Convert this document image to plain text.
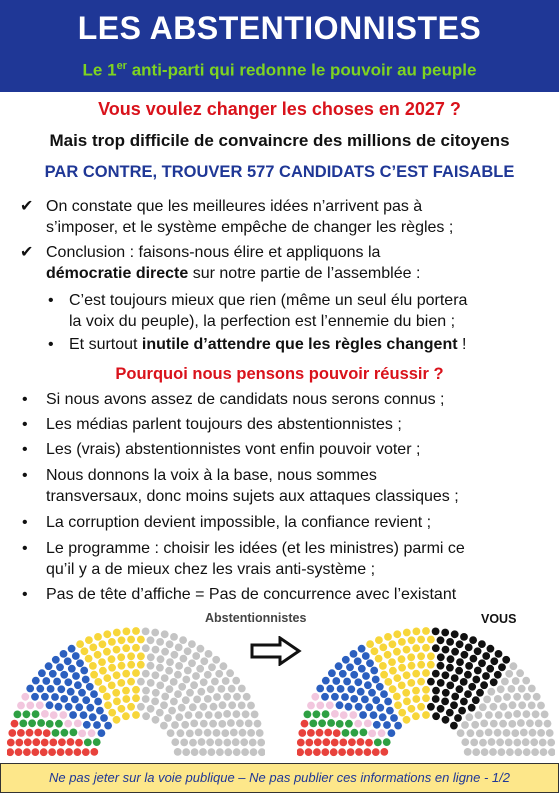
LES ABSTENTIONNISTES
Le 1er anti-parti qui redonne le pouvoir au peuple
Vous voulez changer les choses en 2027 ?
Mais trop difficile de convaincre des millions de citoyens
PAR CONTRE, TROUVER 577 CANDIDATS C’EST FAISABLE
✔ On constate que les meilleures idées n’arrivent pas à
s’imposer, et le système empêche de changer les règles ;
✔ Conclusion : faisons-nous élire et appliquons la
démocratie directe sur notre partie de l’assemblée :
• C’est toujours mieux que rien (même un seul élu portera
la voix du peuple), la perfection est l’ennemie du bien ;
• Et surtout inutile d’attendre que les règles changent !
Pourquoi nous pensons pouvoir réussir ?
• Si nous avons assez de candidats nous serons connus ;
• Les médias parlent toujours des abstentionnistes ;
• Les (vrais) abstentionnistes vont enfin pouvoir voter ;
• Nous donnons la voix à la base, nous sommes
transversaux, donc moins sujets aux attaques classiques ;
• La corruption devient impossible, la confiance revient ;
• Le programme : choisir les idées (et les ministres) parmi ce
qu’il y a de mieux chez les vrais anti-système ;
• Pas de tête d’affiche = Pas de concurrence avec l’existant
Abstentionnistes	VOUS
Ne pas jeter sur la voie publique – Ne pas publier ces informations en ligne - 1/2
